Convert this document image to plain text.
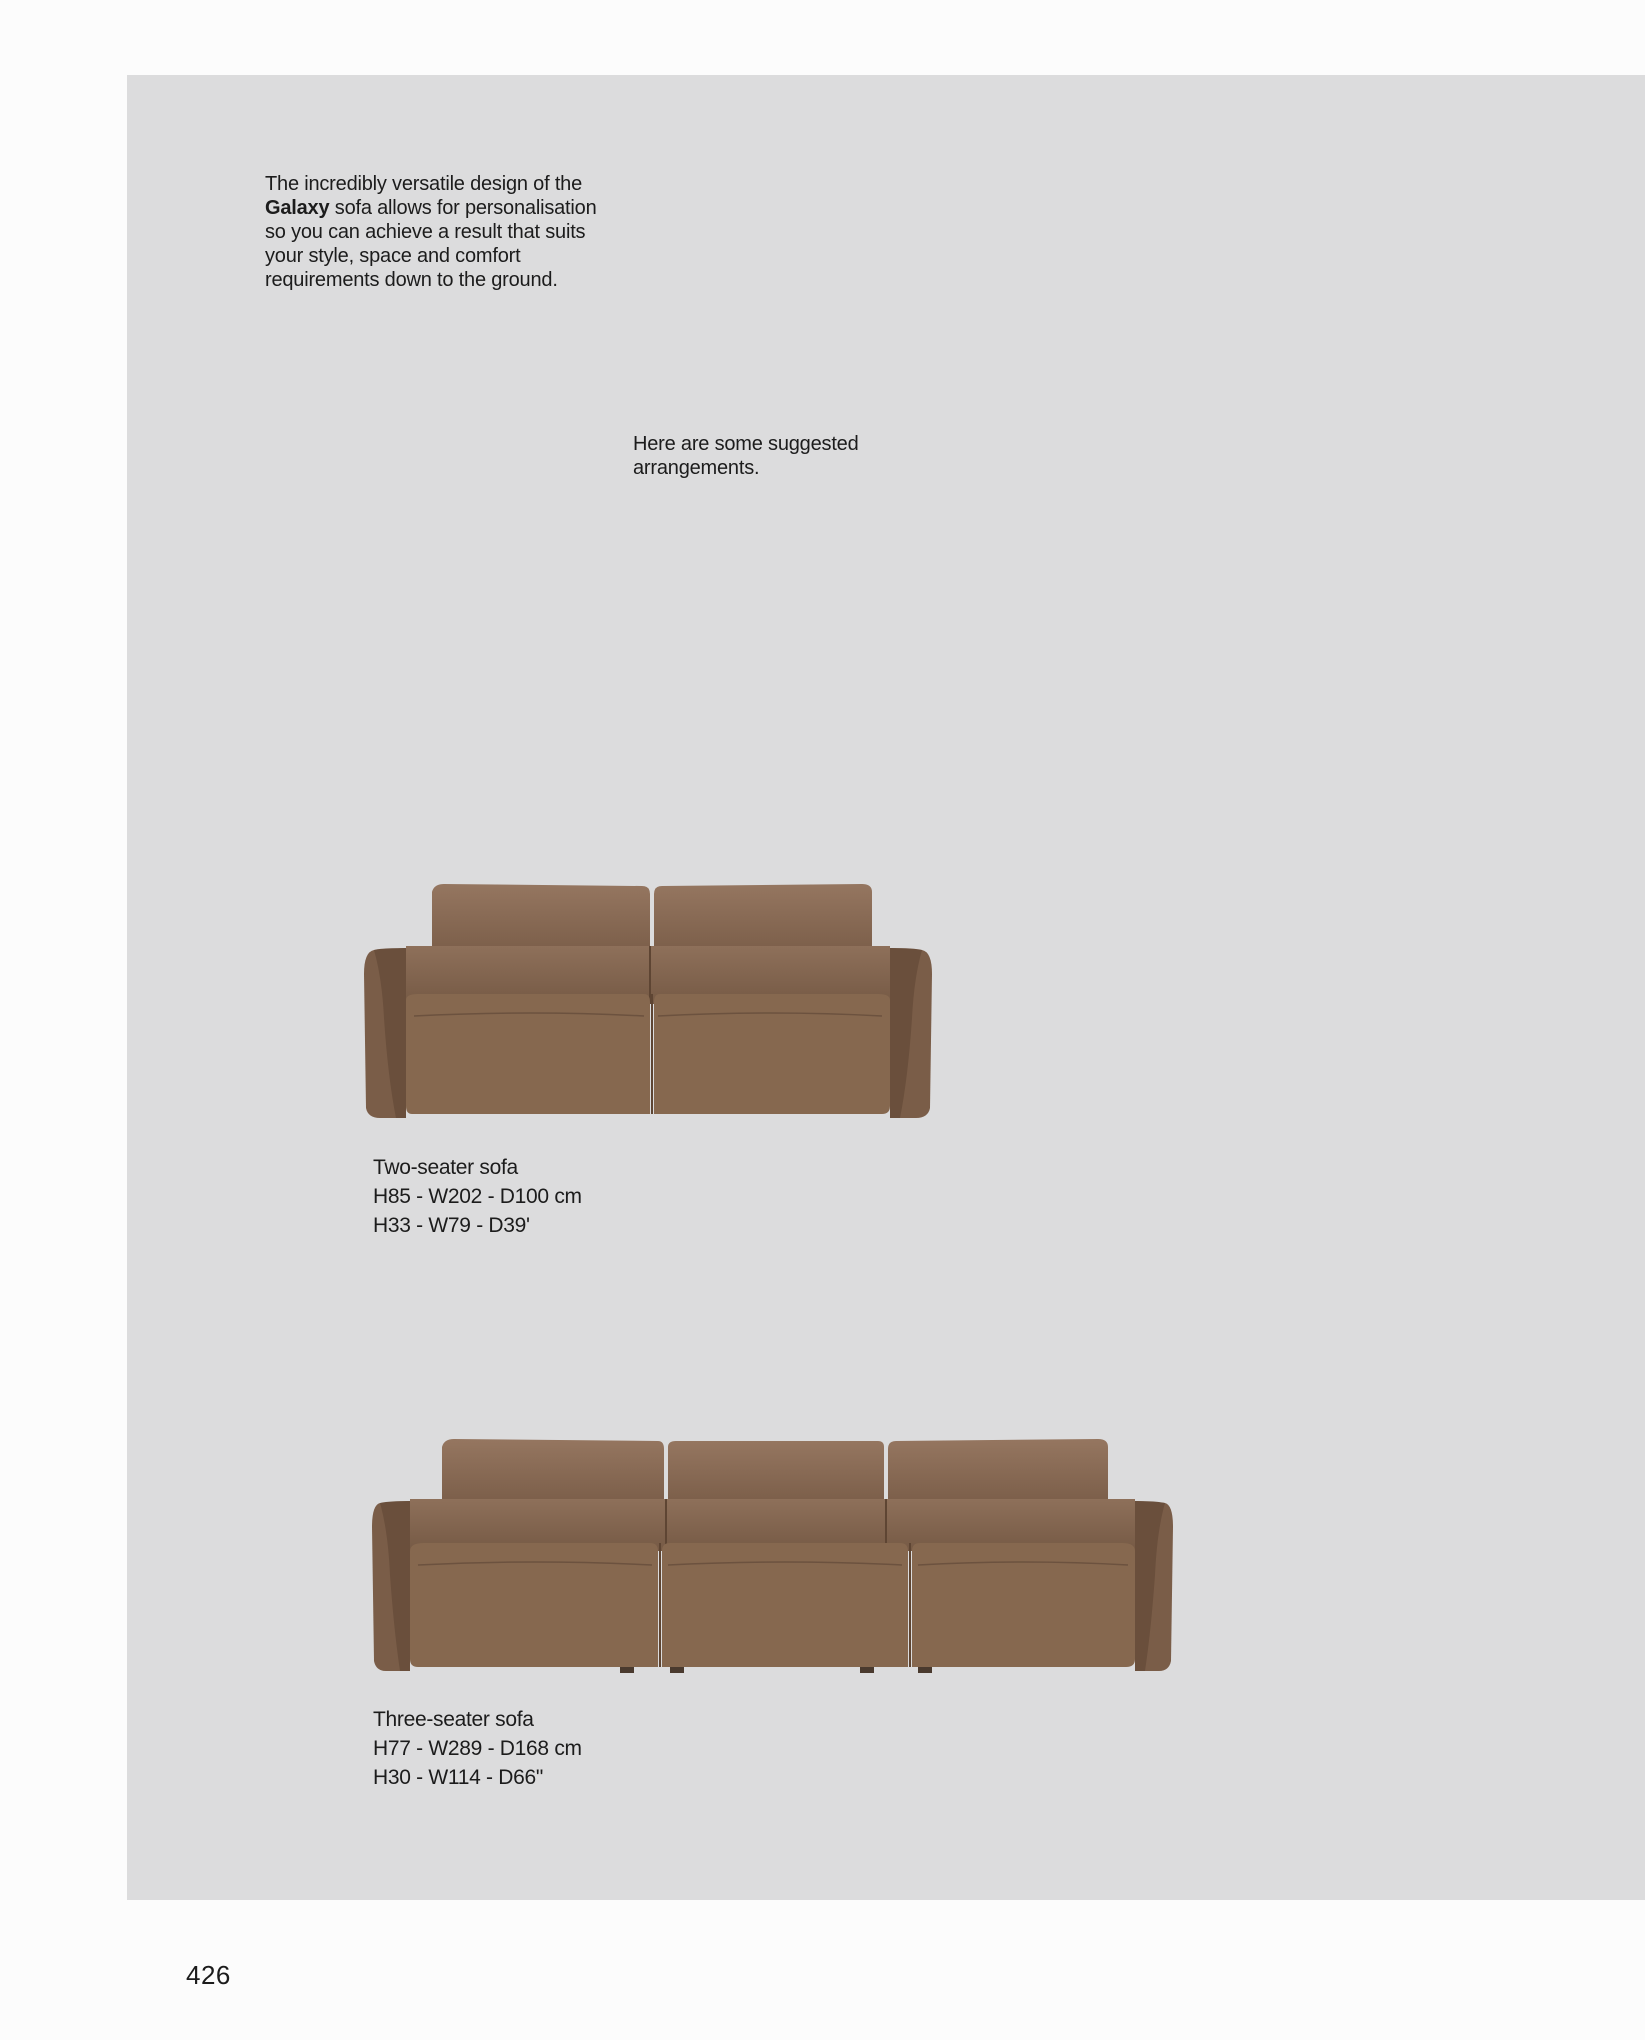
The incredibly versatile design of the Galaxy sofa allows for personalisation so you can achieve a result that suits your style, space and comfort requirements down to the ground.
Here are some suggested arrangements.
Two-seater sofa
H85 - W202 - D100 cm
H33 - W79 - D39'
Three-seater sofa
H77 - W289 - D168 cm
H30 - W114 - D66"
426
